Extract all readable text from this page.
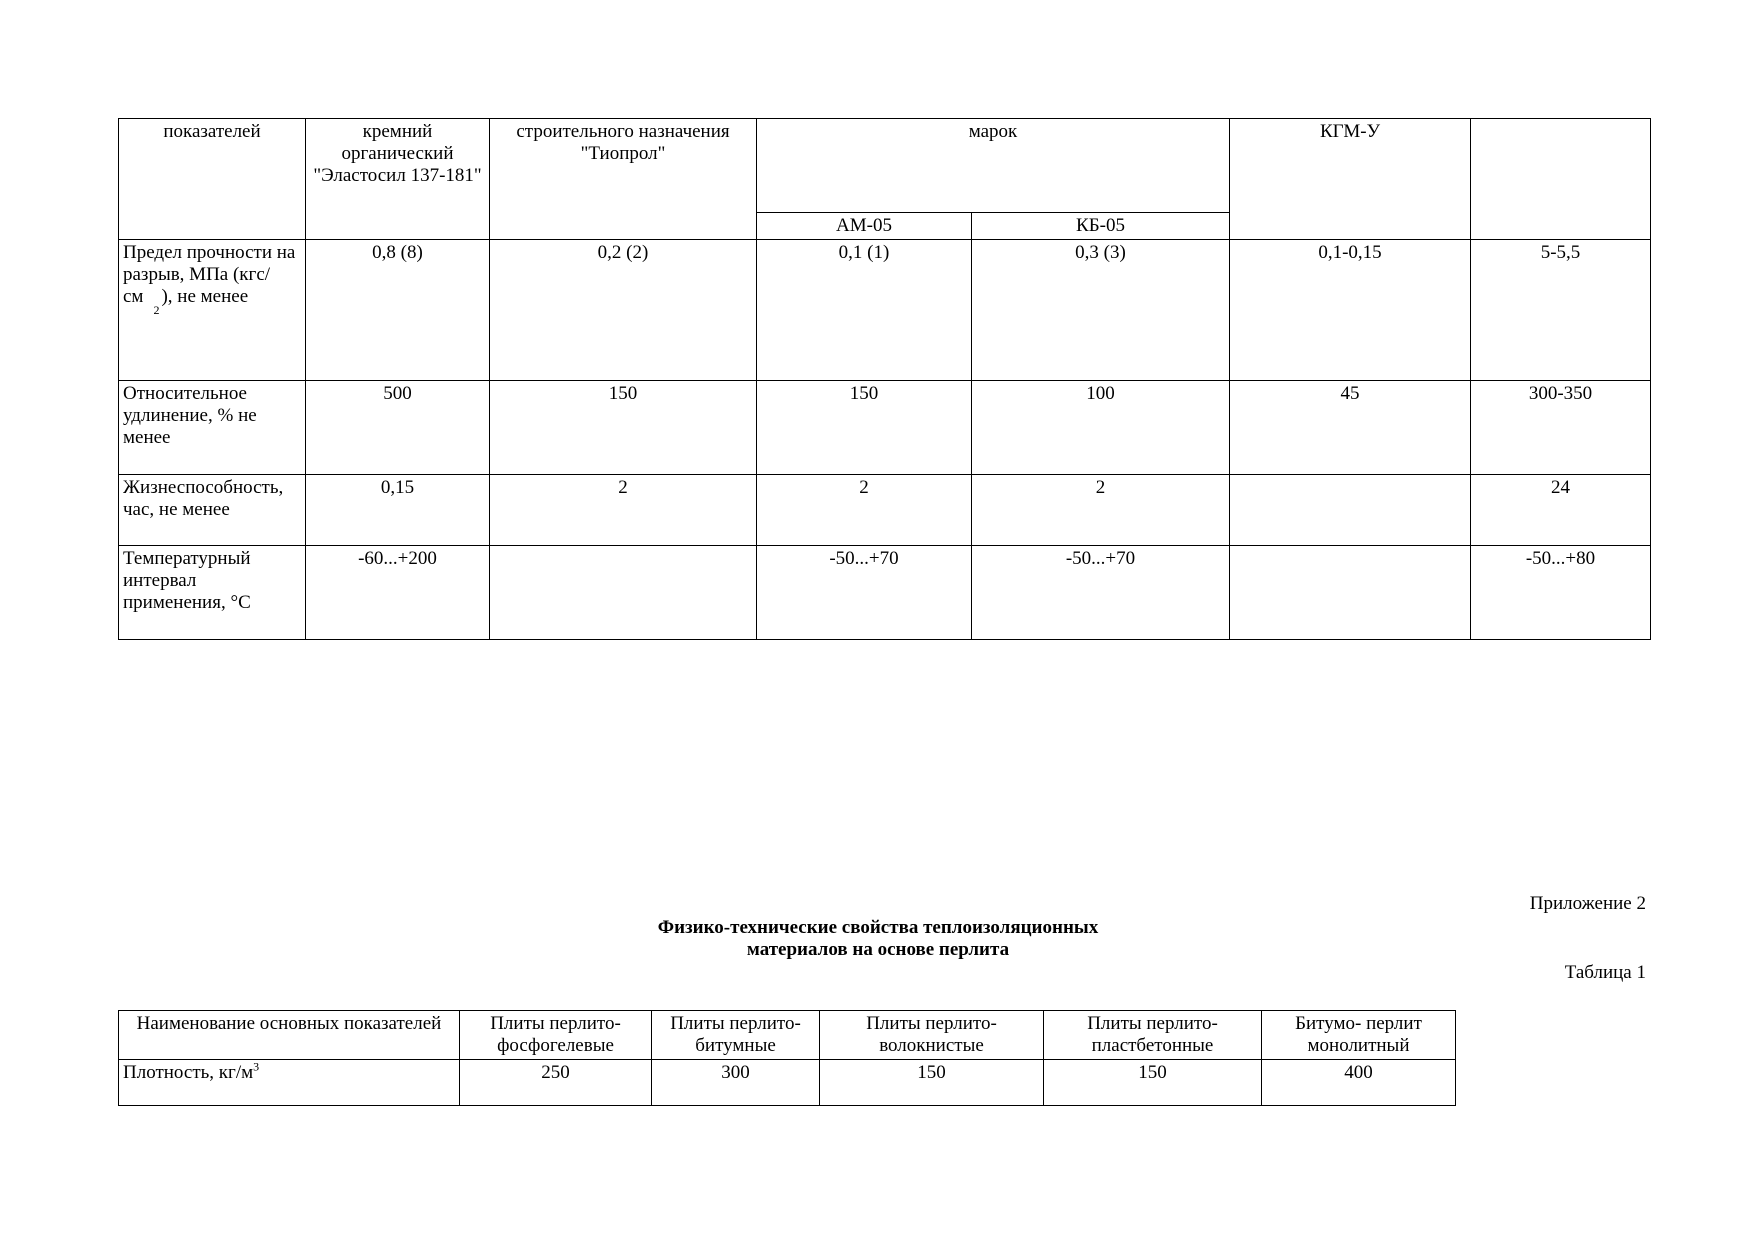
показателей	кремний органический "Эластосил 137-181"	строительного назначения "Тиопрол"	марок		КГМ-У	
			АМ-05	КБ-05		
Предел прочности на разрыв, МПа $(кгс/см_2)$, не менее	0,8 (8)	0,2 (2)	0,1 (1)	0,3 (3)	0,1-0,15	5-5,5
Относительное удлинение, % не менее	500	150	150	100	45	300-350
Жизнеспособность, час, не менее	0,15	2	2	2		24
Температурный интервал применения, °С	-60...+200		-50...+70	-50...+70		-50...+80
Приложение 2
Физико-технические свойства теплоизоляционных
материалов на основе перлита
Таблица 1
Наименование основных показателей	Плиты перлито-фосфогелевые	Плиты перлито-битумные	Плиты перлито-волокнистые	Плиты перлито-пластбетонные	Битумо- перлит монолитный
Плотность, $кг/м^3$	250	300	150	150	400
